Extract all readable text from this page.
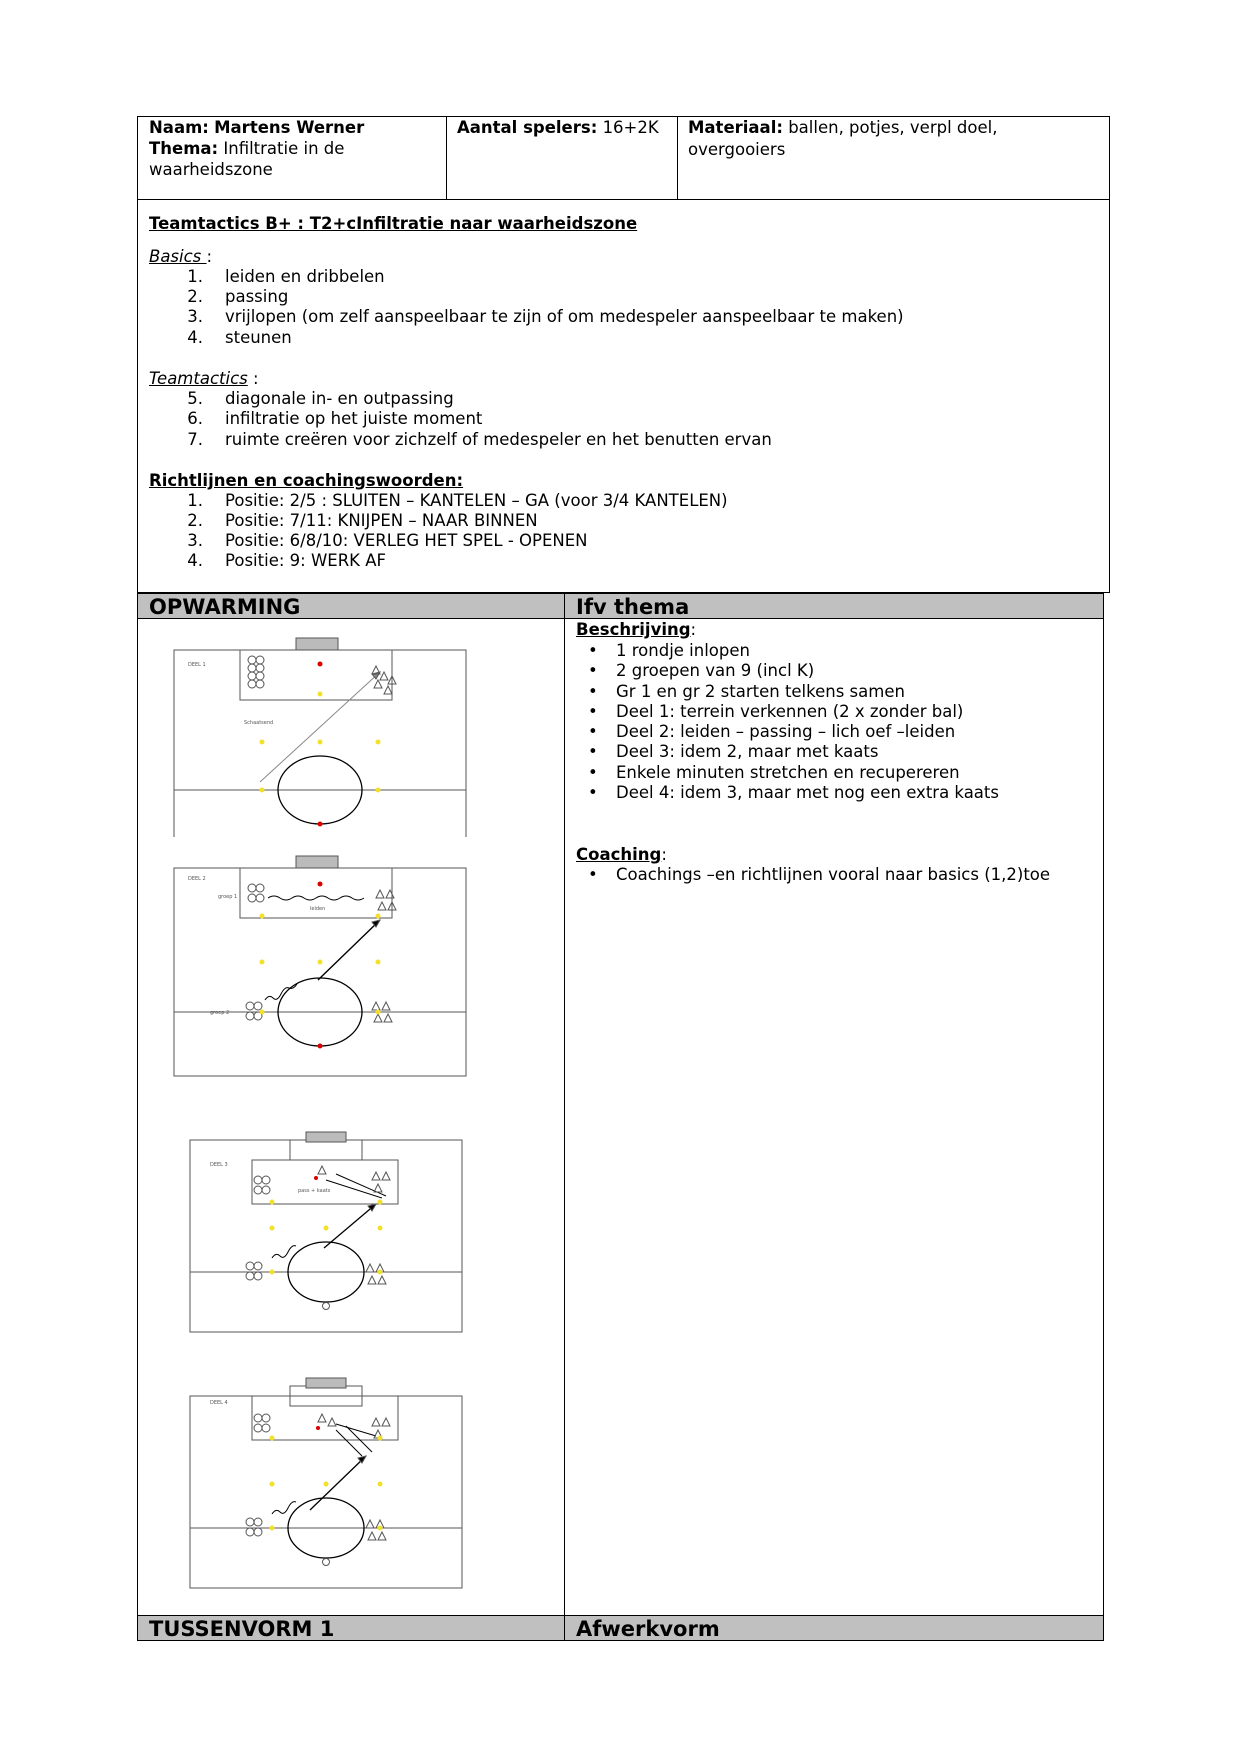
Naam: Martens Werner
Thema: Infiltratie in de
waarheidszone
Aantal spelers: 16+2K Materiaal: ballen, potjes, verpl doel,
overgooiers
Teamtactics B+ : T2+cInfiltratie naar waarheidszone
Basics :
1. leiden en dribbelen
2. passing
3. vrijlopen (om zelf aanspeelbaar te zijn of om medespeler aanspeelbaar te maken)
4. steunen
Teamtactics :
5. diagonale in- en outpassing
6. infiltratie op het juiste moment
7. ruimte creëren voor zichzelf of medespeler en het benutten ervan
Richtlijnen en coachingswoorden:
1. Positie: 2/5 : SLUITEN – KANTELEN – GA (voor 3/4 KANTELEN)
2. Positie: 7/11: KNIJPEN – NAAR BINNEN
3. Positie: 6/8/10: VERLEG HET SPEL - OPENEN
4. Positie: 9: WERK AF
OPWARMING	Ifv thema
Beschrijving:
• 1 rondje inlopen
• 2 groepen van 9 (incl K)
• Gr 1 en gr 2 starten telkens samen
• Deel 1: terrein verkennen (2 x zonder bal)
• Deel 2: leiden – passing – lich oef –leiden
• Deel 3: idem 2, maar met kaats
• Enkele minuten stretchen en recupereren
• Deel 4: idem 3, maar met nog een extra kaats
Coaching:
• Coachings –en richtlijnen vooral naar basics (1,2)toe
DEEL 1
Schaatsend
DEEL 2
groep 1
groep 2
leiden
DEEL 3
pass + kaats
DEEL 4
TUSSENVORM 1	Afwerkvorm
